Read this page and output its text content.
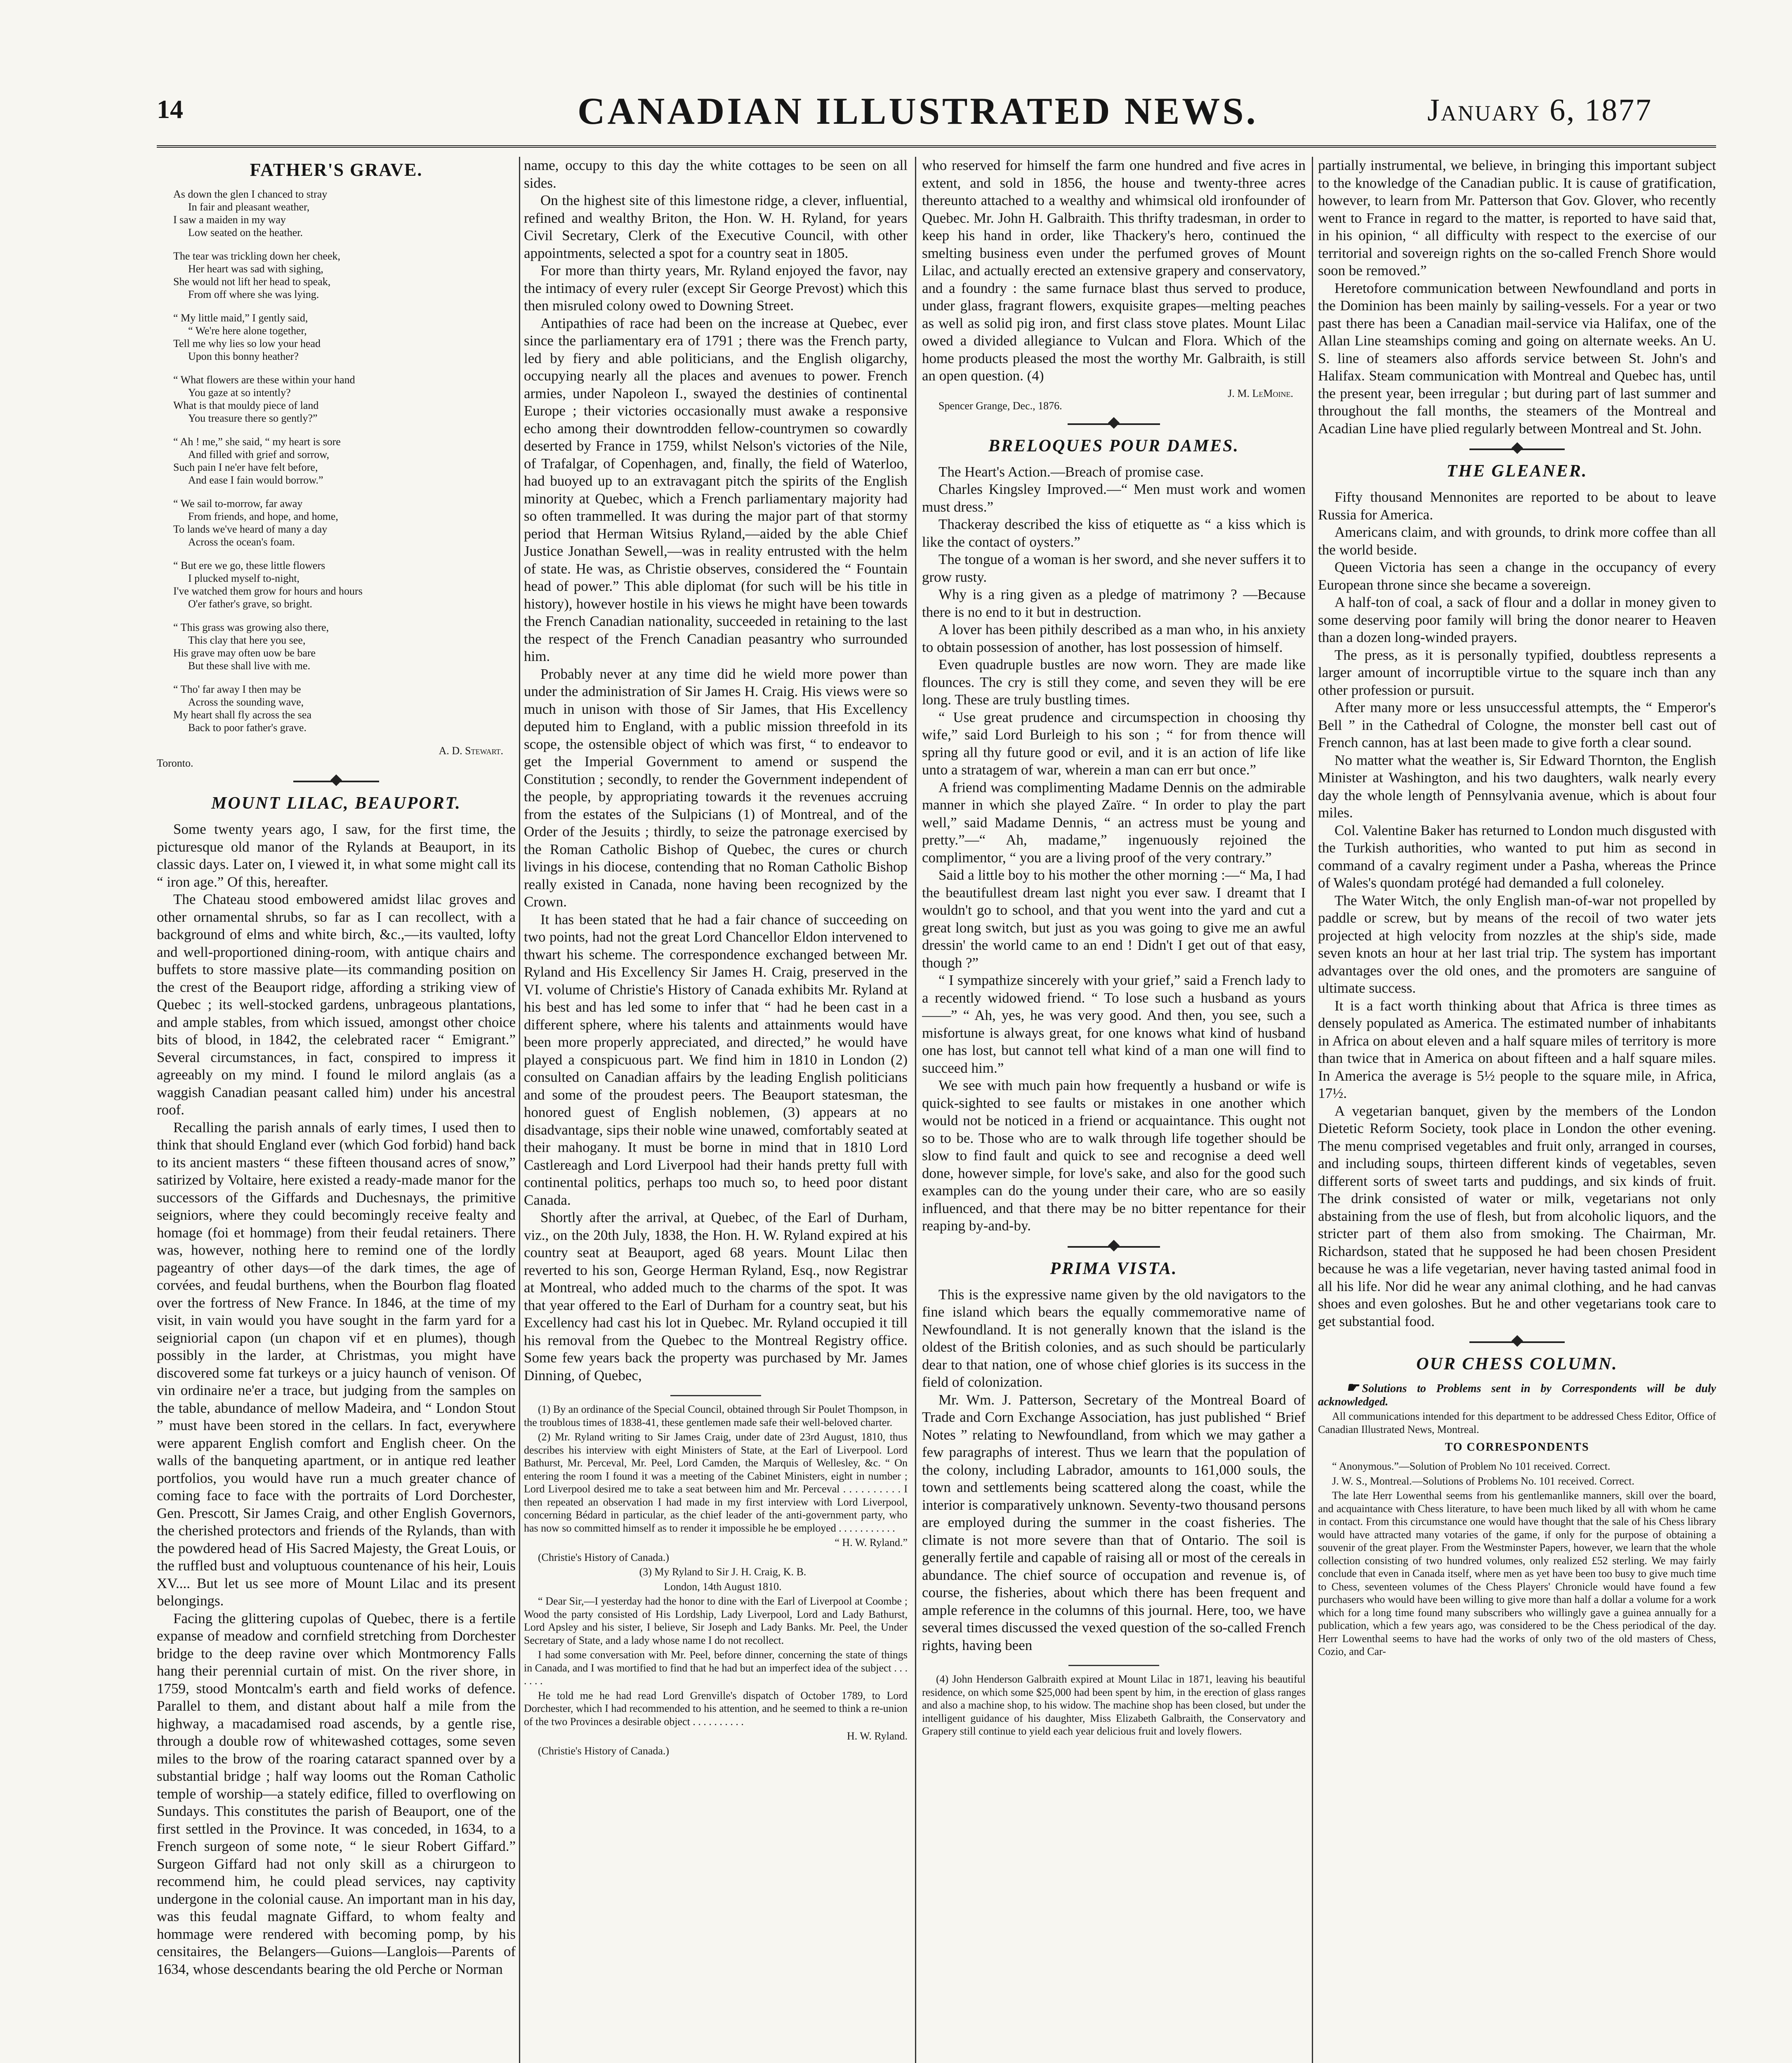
14	CANADIAN ILLUSTRATED NEWS.	January 6, 1877
FATHER'S GRAVE.
As down the glen I chanced to stray
In fair and pleasant weather,
I saw a maiden in my way
Low seated on the heather.
The tear was trickling down her cheek,
Her heart was sad with sighing,
She would not lift her head to speak,
From off where she was lying.
“ My little maid,” I gently said,
“ We're here alone together,
Tell me why lies so low your head
Upon this bonny heather?
“ What flowers are these within your hand
You gaze at so intently?
What is that mouldy piece of land
You treasure there so gently?”
“ Ah ! me,” she said, “ my heart is sore
And filled with grief and sorrow,
Such pain I ne'er have felt before,
And ease I fain would borrow.”
“ We sail to-morrow, far away
From friends, and hope, and home,
To lands we've heard of many a day
Across the ocean's foam.
“ But ere we go, these little flowers
I plucked myself to-night,
I've watched them grow for hours and hours
O'er father's grave, so bright.
“ This grass was growing also there,
This clay that here you see,
His grave may often uow be bare
But these shall live with me.
“ Tho' far away I then may be
Across the sounding wave,
My heart shall fly across the sea
Back to poor father's grave.
A. D. Stewart.
Toronto.
MOUNT LILAC, BEAUPORT.

Some twenty years ago, I saw, for the first time, the picturesque old manor of the Rylands at Beauport, in its classic days. Later on, I viewed it, in what some might call its “ iron age.” Of this, hereafter.

The Chateau stood embowered amidst lilac groves and other ornamental shrubs, so far as I can recollect, with a background of elms and white birch, &c.,—its vaulted, lofty and well-proportioned dining-room, with antique chairs and buffets to store massive plate—its commanding position on the crest of the Beauport ridge, affording a striking view of Quebec ; its well-stocked gardens, unbrageous plantations, and ample stables, from which issued, amongst other choice bits of blood, in 1842, the celebrated racer “ Emigrant.” Several circumstances, in fact, conspired to impress it agreeably on my mind. I found le milord anglais (as a waggish Canadian peasant called him) under his ancestral roof.

Recalling the parish annals of early times, I used then to think that should England ever (which God forbid) hand back to its ancient masters “ these fifteen thousand acres of snow,” satirized by Voltaire, here existed a ready-made manor for the successors of the Giffards and Duchesnays, the primitive seigniors, where they could becomingly receive fealty and homage (foi et hommage) from their feudal retainers. There was, however, nothing here to remind one of the lordly pageantry of other days—of the dark times, the age of corvées, and feudal burthens, when the Bourbon flag floated over the fortress of New France. In 1846, at the time of my visit, in vain would you have sought in the farm yard for a seigniorial capon (un chapon vif et en plumes), though possibly in the larder, at Christmas, you might have discovered some fat turkeys or a juicy haunch of venison. Of vin ordinaire ne'er a trace, but judging from the samples on the table, abundance of mellow Madeira, and “ London Stout ” must have been stored in the cellars. In fact, everywhere were apparent English comfort and English cheer. On the walls of the banqueting apartment, or in antique red leather portfolios, you would have run a much greater chance of coming face to face with the portraits of Lord Dorchester, Gen. Prescott, Sir James Craig, and other English Governors, the cherished protectors and friends of the Rylands, than with the powdered head of His Sacred Majesty, the Great Louis, or the ruffled bust and voluptuous countenance of his heir, Louis XV.... But let us see more of Mount Lilac and its present belongings.

Facing the glittering cupolas of Quebec, there is a fertile expanse of meadow and cornfield stretching from Dorchester bridge to the deep ravine over which Montmorency Falls hang their perennial curtain of mist. On the river shore, in 1759, stood Montcalm's earth and field works of defence. Parallel to them, and distant about half a mile from the highway, a macadamised road ascends, by a gentle rise, through a double row of whitewashed cottages, some seven miles to the brow of the roaring cataract spanned over by a substantial bridge ; half way looms out the Roman Catholic temple of worship—a stately edifice, filled to overflowing on Sundays. This constitutes the parish of Beauport, one of the first settled in the Province. It was conceded, in 1634, to a French surgeon of some note, “ le sieur Robert Giffard.” Surgeon Giffard had not only skill as a chirurgeon to recommend him, he could plead services, nay captivity undergone in the colonial cause. An important man in his day, was this feudal magnate Giffard, to whom fealty and hommage were rendered with becoming pomp, by his censitaires, the Belangers—Guions—Langlois—Parents of 1634, whose descendants bearing the old Perche or Norman

name, occupy to this day the white cottages to be seen on all sides.

On the highest site of this limestone ridge, a clever, influential, refined and wealthy Briton, the Hon. W. H. Ryland, for years Civil Secretary, Clerk of the Executive Council, with other appointments, selected a spot for a country seat in 1805.

For more than thirty years, Mr. Ryland enjoyed the favor, nay the intimacy of every ruler (except Sir George Prevost) which this then misruled colony owed to Downing Street.

Antipathies of race had been on the increase at Quebec, ever since the parliamentary era of 1791 ; there was the French party, led by fiery and able politicians, and the English oligarchy, occupying nearly all the places and avenues to power. French armies, under Napoleon I., swayed the destinies of continental Europe ; their victories occasionally must awake a responsive echo among their downtrodden fellow-countrymen so cowardly deserted by France in 1759, whilst Nelson's victories of the Nile, of Trafalgar, of Copenhagen, and, finally, the field of Waterloo, had buoyed up to an extravagant pitch the spirits of the English minority at Quebec, which a French parliamentary majority had so often trammelled. It was during the major part of that stormy period that Herman Witsius Ryland,—aided by the able Chief Justice Jonathan Sewell,—was in reality entrusted with the helm of state. He was, as Christie observes, considered the “ Fountain head of power.” This able diplomat (for such will be his title in history), however hostile in his views he might have been towards the French Canadian nationality, succeeded in retaining to the last the respect of the French Canadian peasantry who surrounded him.

Probably never at any time did he wield more power than under the administration of Sir James H. Craig. His views were so much in unison with those of Sir James, that His Excellency deputed him to England, with a public mission threefold in its scope, the ostensible object of which was first, “ to endeavor to get the Imperial Government to amend or suspend the Constitution ; secondly, to render the Government independent of the people, by appropriating towards it the revenues accruing from the estates of the Sulpicians (1) of Montreal, and of the Order of the Jesuits ; thirdly, to seize the patronage exercised by the Roman Catholic Bishop of Quebec, the cures or church livings in his diocese, contending that no Roman Catholic Bishop really existed in Canada, none having been recognized by the Crown.

It has been stated that he had a fair chance of succeeding on two points, had not the great Lord Chancellor Eldon intervened to thwart his scheme. The correspondence exchanged between Mr. Ryland and His Excellency Sir James H. Craig, preserved in the VI. volume of Christie's History of Canada exhibits Mr. Ryland at his best and has led some to infer that “ had he been cast in a different sphere, where his talents and attainments would have been more properly appreciated, and directed,” he would have played a conspicuous part. We find him in 1810 in London (2) consulted on Canadian affairs by the leading English politicians and some of the proudest peers. The Beauport statesman, the honored guest of English noblemen, (3) appears at no disadvantage, sips their noble wine unawed, comfortably seated at their mahogany. It must be borne in mind that in 1810 Lord Castlereagh and Lord Liverpool had their hands pretty full with continental politics, perhaps too much so, to heed poor distant Canada.

Shortly after the arrival, at Quebec, of the Earl of Durham, viz., on the 20th July, 1838, the Hon. H. W. Ryland expired at his country seat at Beauport, aged 68 years. Mount Lilac then reverted to his son, George Herman Ryland, Esq., now Registrar at Montreal, who added much to the charms of the spot. It was that year offered to the Earl of Durham for a country seat, but his Excellency had cast his lot in Quebec. Mr. Ryland occupied it till his removal from the Quebec to the Montreal Registry office. Some few years back the property was purchased by Mr. James Dinning, of Quebec,

(1) By an ordinance of the Special Council, obtained through Sir Poulet Thompson, in the troublous times of 1838-41, these gentlemen made safe their well-beloved charter.

(2) Mr. Ryland writing to Sir James Craig, under date of 23rd August, 1810, thus describes his interview with eight Ministers of State, at the Earl of Liverpool. Lord Bathurst, Mr. Perceval, Mr. Peel, Lord Camden, the Marquis of Wellesley, &c. “ On entering the room I found it was a meeting of the Cabinet Ministers, eight in number ; Lord Liverpool desired me to take a seat between him and Mr. Perceval . . . . . . . . . . I then repeated an observation I had made in my first interview with Lord Liverpool, concerning Bédard in particular, as the chief leader of the anti-government party, who has now so committed himself as to render it impossible he be employed . . . . . . . . . . .

“ H. W. Ryland.”

(Christie's History of Canada.)

(3) My Ryland to Sir J. H. Craig, K. B.

London, 14th August 1810.

“ Dear Sir,—I yesterday had the honor to dine with the Earl of Liverpool at Coombe ; Wood the party consisted of His Lordship, Lady Liverpool, Lord and Lady Bathurst, Lord Apsley and his sister, I believe, Sir Joseph and Lady Banks. Mr. Peel, the Under Secretary of State, and a lady whose name I do not recollect.

I had some conversation with Mr. Peel, before dinner, concerning the state of things in Canada, and I was mortified to find that he had but an imperfect idea of the subject . . . . . . .

He told me he had read Lord Grenville's dispatch of October 1789, to Lord Dorchester, which I had recommended to his attention, and he seemed to think a re-union of the two Provinces a desirable object . . . . . . . . . .

H. W. Ryland.

(Christie's History of Canada.)

who reserved for himself the farm one hundred and five acres in extent, and sold in 1856, the house and twenty-three acres thereunto attached to a wealthy and whimsical old ironfounder of Quebec. Mr. John H. Galbraith. This thrifty tradesman, in order to keep his hand in order, like Thackery's hero, continued the smelting business even under the perfumed groves of Mount Lilac, and actually erected an extensive grapery and conservatory, and a foundry : the same furnace blast thus served to produce, under glass, fragrant flowers, exquisite grapes—melting peaches as well as solid pig iron, and first class stove plates. Mount Lilac owed a divided allegiance to Vulcan and Flora. Which of the home products pleased the most the worthy Mr. Galbraith, is still an open question. (4)

J. M. LeMoine.
Spencer Grange, Dec., 1876.
BRELOQUES POUR DAMES.

The Heart's Action.—Breach of promise case.

Charles Kingsley Improved.—“ Men must work and women must dress.”

Thackeray described the kiss of etiquette as “ a kiss which is like the contact of oysters.”

The tongue of a woman is her sword, and she never suffers it to grow rusty.

Why is a ring given as a pledge of matrimony ? —Because there is no end to it but in destruction.

A lover has been pithily described as a man who, in his anxiety to obtain possession of another, has lost possession of himself.

Even quadruple bustles are now worn. They are made like flounces. The cry is still they come, and seven they will be ere long. These are truly bustling times.

“ Use great prudence and circumspection in choosing thy wife,” said Lord Burleigh to his son ; “ for from thence will spring all thy future good or evil, and it is an action of life like unto a stratagem of war, wherein a man can err but once.”

A friend was complimenting Madame Dennis on the admirable manner in which she played Zaïre. “ In order to play the part well,” said Madame Dennis, “ an actress must be young and pretty.”—“ Ah, madame,” ingenuously rejoined the complimentor, “ you are a living proof of the very contrary.”

Said a little boy to his mother the other morning :—“ Ma, I had the beautifullest dream last night you ever saw. I dreamt that I wouldn't go to school, and that you went into the yard and cut a great long switch, but just as you was going to give me an awful dressin' the world came to an end ! Didn't I get out of that easy, though ?”

“ I sympathize sincerely with your grief,” said a French lady to a recently widowed friend. “ To lose such a husband as yours——” “ Ah, yes, he was very good. And then, you see, such a misfortune is always great, for one knows what kind of husband one has lost, but cannot tell what kind of a man one will find to succeed him.”

We see with much pain how frequently a husband or wife is quick-sighted to see faults or mistakes in one another which would not be noticed in a friend or acquaintance. This ought not so to be. Those who are to walk through life together should be slow to find fault and quick to see and recognise a deed well done, however simple, for love's sake, and also for the good such examples can do the young under their care, who are so easily influenced, and that there may be no bitter repentance for their reaping by-and-by.

PRIMA VISTA.

This is the expressive name given by the old navigators to the fine island which bears the equally commemorative name of Newfoundland. It is not generally known that the island is the oldest of the British colonies, and as such should be particularly dear to that nation, one of whose chief glories is its success in the field of colonization.

Mr. Wm. J. Patterson, Secretary of the Montreal Board of Trade and Corn Exchange Association, has just published “ Brief Notes ” relating to Newfoundland, from which we may gather a few paragraphs of interest. Thus we learn that the population of the colony, including Labrador, amounts to 161,000 souls, the town and settlements being scattered along the coast, while the interior is comparatively unknown. Seventy-two thousand persons are employed during the summer in the coast fisheries. The climate is not more severe than that of Ontario. The soil is generally fertile and capable of raising all or most of the cereals in abundance. The chief source of occupation and revenue is, of course, the fisheries, about which there has been frequent and ample reference in the columns of this journal. Here, too, we have several times discussed the vexed question of the so-called French rights, having been

(4) John Henderson Galbraith expired at Mount Lilac in 1871, leaving his beautiful residence, on which some $25,000 had been spent by him, in the erection of glass ranges and also a machine shop, to his widow. The machine shop has been closed, but under the intelligent guidance of his daughter, Miss Elizabeth Galbraith, the Conservatory and Grapery still continue to yield each year delicious fruit and lovely flowers.

partially instrumental, we believe, in bringing this important subject to the knowledge of the Canadian public. It is cause of gratification, however, to learn from Mr. Patterson that Gov. Glover, who recently went to France in regard to the matter, is reported to have said that, in his opinion, “ all difficulty with respect to the exercise of our territorial and sovereign rights on the so-called French Shore would soon be removed.”

Heretofore communication between Newfoundland and ports in the Dominion has been mainly by sailing-vessels. For a year or two past there has been a Canadian mail-service via Halifax, one of the Allan Line steamships coming and going on alternate weeks. An U. S. line of steamers also affords service between St. John's and Halifax. Steam communication with Montreal and Quebec has, until the present year, been irregular ; but during part of last summer and throughout the fall months, the steamers of the Montreal and Acadian Line have plied regularly between Montreal and St. John.

THE GLEANER.

Fifty thousand Mennonites are reported to be about to leave Russia for America.

Americans claim, and with grounds, to drink more coffee than all the world beside.

Queen Victoria has seen a change in the occupancy of every European throne since she became a sovereign.

A half-ton of coal, a sack of flour and a dollar in money given to some deserving poor family will bring the donor nearer to Heaven than a dozen long-winded prayers.

The press, as it is personally typified, doubtless represents a larger amount of incorruptible virtue to the square inch than any other profession or pursuit.

After many more or less unsuccessful attempts, the “ Emperor's Bell ” in the Cathedral of Cologne, the monster bell cast out of French cannon, has at last been made to give forth a clear sound.

No matter what the weather is, Sir Edward Thornton, the English Minister at Washington, and his two daughters, walk nearly every day the whole length of Pennsylvania avenue, which is about four miles.

Col. Valentine Baker has returned to London much disgusted with the Turkish authorities, who wanted to put him as second in command of a cavalry regiment under a Pasha, whereas the Prince of Wales's quondam protégé had demanded a full coloneley.

The Water Witch, the only English man-of-war not propelled by paddle or screw, but by means of the recoil of two water jets projected at high velocity from nozzles at the ship's side, made seven knots an hour at her last trial trip. The system has important advantages over the old ones, and the promoters are sanguine of ultimate success.

It is a fact worth thinking about that Africa is three times as densely populated as America. The estimated number of inhabitants in Africa on about eleven and a half square miles of territory is more than twice that in America on about fifteen and a half square miles. In America the average is 5½ people to the square mile, in Africa, 17½.

A vegetarian banquet, given by the members of the London Dietetic Reform Society, took place in London the other evening. The menu comprised vegetables and fruit only, arranged in courses, and including soups, thirteen different kinds of vegetables, seven different sorts of sweet tarts and puddings, and six kinds of fruit. The drink consisted of water or milk, vegetarians not only abstaining from the use of flesh, but from alcoholic liquors, and the stricter part of them also from smoking. The Chairman, Mr. Richardson, stated that he supposed he had been chosen President because he was a life vegetarian, never having tasted animal food in all his life. Nor did he wear any animal clothing, and he had canvas shoes and even goloshes. But he and other vegetarians took care to get substantial food.

OUR CHESS COLUMN.

☛ Solutions to Problems sent in by Correspondents will be duly acknowledged.

All communications intended for this department to be addressed Chess Editor, Office of Canadian Illustrated News, Montreal.

TO CORRESPONDENTS

“ Anonymous.”—Solution of Problem No 101 received. Correct.

J. W. S., Montreal.—Solutions of Problems No. 101 received. Correct.

The late Herr Lowenthal seems from his gentlemanlike manners, skill over the board, and acquaintance with Chess literature, to have been much liked by all with whom he came in contact. From this circumstance one would have thought that the sale of his Chess library would have attracted many votaries of the game, if only for the purpose of obtaining a souvenir of the great player. From the Westminster Papers, however, we learn that the whole collection consisting of two hundred volumes, only realized £52 sterling. We may fairly conclude that even in Canada itself, where men as yet have been too busy to give much time to Chess, seventeen volumes of the Chess Players' Chronicle would have found a few purchasers who would have been willing to give more than half a dollar a volume for a work which for a long time found many subscribers who willingly gave a guinea annually for a publication, which a few years ago, was considered to be the Chess periodical of the day. Herr Lowenthal seems to have had the works of only two of the old masters of Chess, Cozio, and Car-
